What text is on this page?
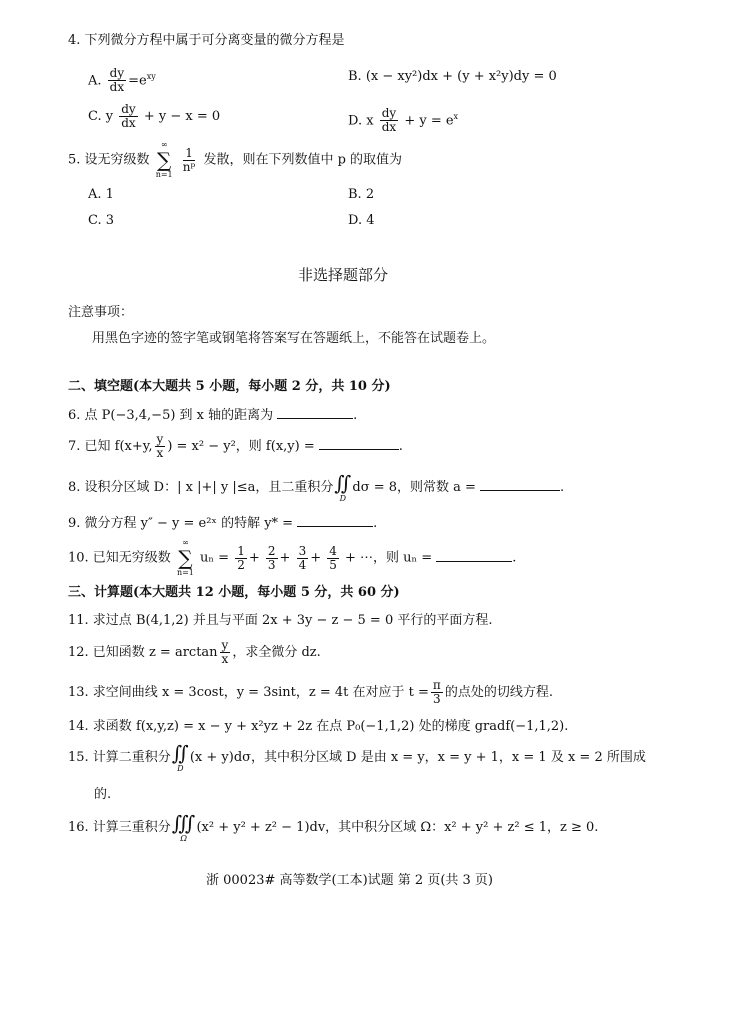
4. 下列微分方程中属于可分离变量的微分方程是
A. $\frac{dy}{dx} =e^{xy}$	B. (x − xy²)dx + (y + x²y)dy = 0
C. y $\frac{dy}{dx} + y - x = 0$	D. x $\frac{dy}{dx} + y = e^x$
5. 设无穷级数
∞
∑
n=1

$\frac{1}{\text{nᵖ}}$ 发散，则在下列数值中 p 的取值为
A. 1	B. 2
C. 3	D. 4
非选择题部分
注意事项：
用黑色字迹的签字笔或钢笔将答案写在答题纸上，不能答在试题卷上。
二、填空题(本大题共 5 小题，每小题 2 分，共 10 分)
6. 点 P(−3,4,−5) 到 x 轴的距离为	.
7. 已知 f(x+y, $\frac{y}{x}$ ) = x² − y²，则 f(x,y) =	.
8. 设积分区域 D：| x |+| y |≤a，且二重积分 ∬
D
dσ = 8，则常数 a =	.
9. 微分方程 y″ − y = e²ˣ 的特解 y* =	.
10. 已知无穷级数
∞
∑
n=1
$u_n = \frac{1}{2} + \frac{2}{3} + \frac{3}{4} + \frac{4}{5}$ + ⋯，则 uₙ =	.
三、计算题(本大题共 12 小题，每小题 5 分，共 60 分)
11. 求过点 B(4,1,2) 并且与平面 2x + 3y − z − 5 = 0 平行的平面方程.
12. 已知函数 $z = \arctan \frac{y}{x}$ ，求全微分 dz.
13. 求空间曲线 x = 3cost，y = 3sint，z = 4t 在对应于 $t = \frac{\pi}{3}$ 的点处的切线方程.
14. 求函数 f(x,y,z) = x − y + x²yz + 2z 在点 P₀(−1,1,2) 处的梯度 gradf(−1,1,2).
15. 计算二重积分 ∬
D
(x + y)dσ，其中积分区域 D 是由 x = y，x = y + 1，x = 1 及 x = 2 所围成
的.
16. 计算三重积分 ∭
Ω
(x² + y² + z² − 1)dv，其中积分区域 Ω：x² + y² + z² ≤ 1，z ≥ 0.
浙 00023# 高等数学(工本)试题 第 2 页(共 3 页)
